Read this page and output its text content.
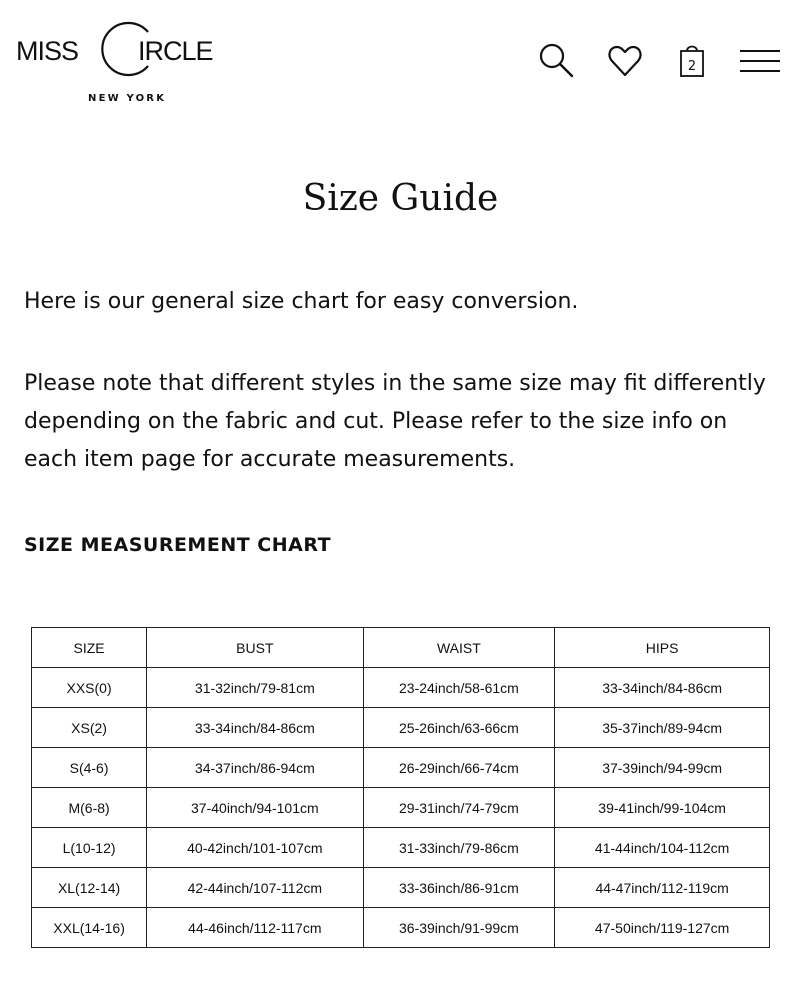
MISS IRCLE
NEW YORK
2
Size Guide

Here is our general size chart for easy conversion.

Please note that different styles in the same size may fit differently depending on the fabric and cut. Please refer to the size info on each item page for accurate measurements.

SIZE MEASUREMENT CHART
SIZE	BUST	WAIST	HIPS
XXS(0)	31-32inch/79-81cm	23-24inch/58-61cm	33-34inch/84-86cm
XS(2)	33-34inch/84-86cm	25-26inch/63-66cm	35-37inch/89-94cm
S(4-6)	34-37inch/86-94cm	26-29inch/66-74cm	37-39inch/94-99cm
M(6-8)	37-40inch/94-101cm	29-31inch/74-79cm	39-41inch/99-104cm
L(10-12)	40-42inch/101-107cm	31-33inch/79-86cm	41-44inch/104-112cm
XL(12-14)	42-44inch/107-112cm	33-36inch/86-91cm	44-47inch/112-119cm
XXL(14-16)	44-46inch/112-117cm	36-39inch/91-99cm	47-50inch/119-127cm
